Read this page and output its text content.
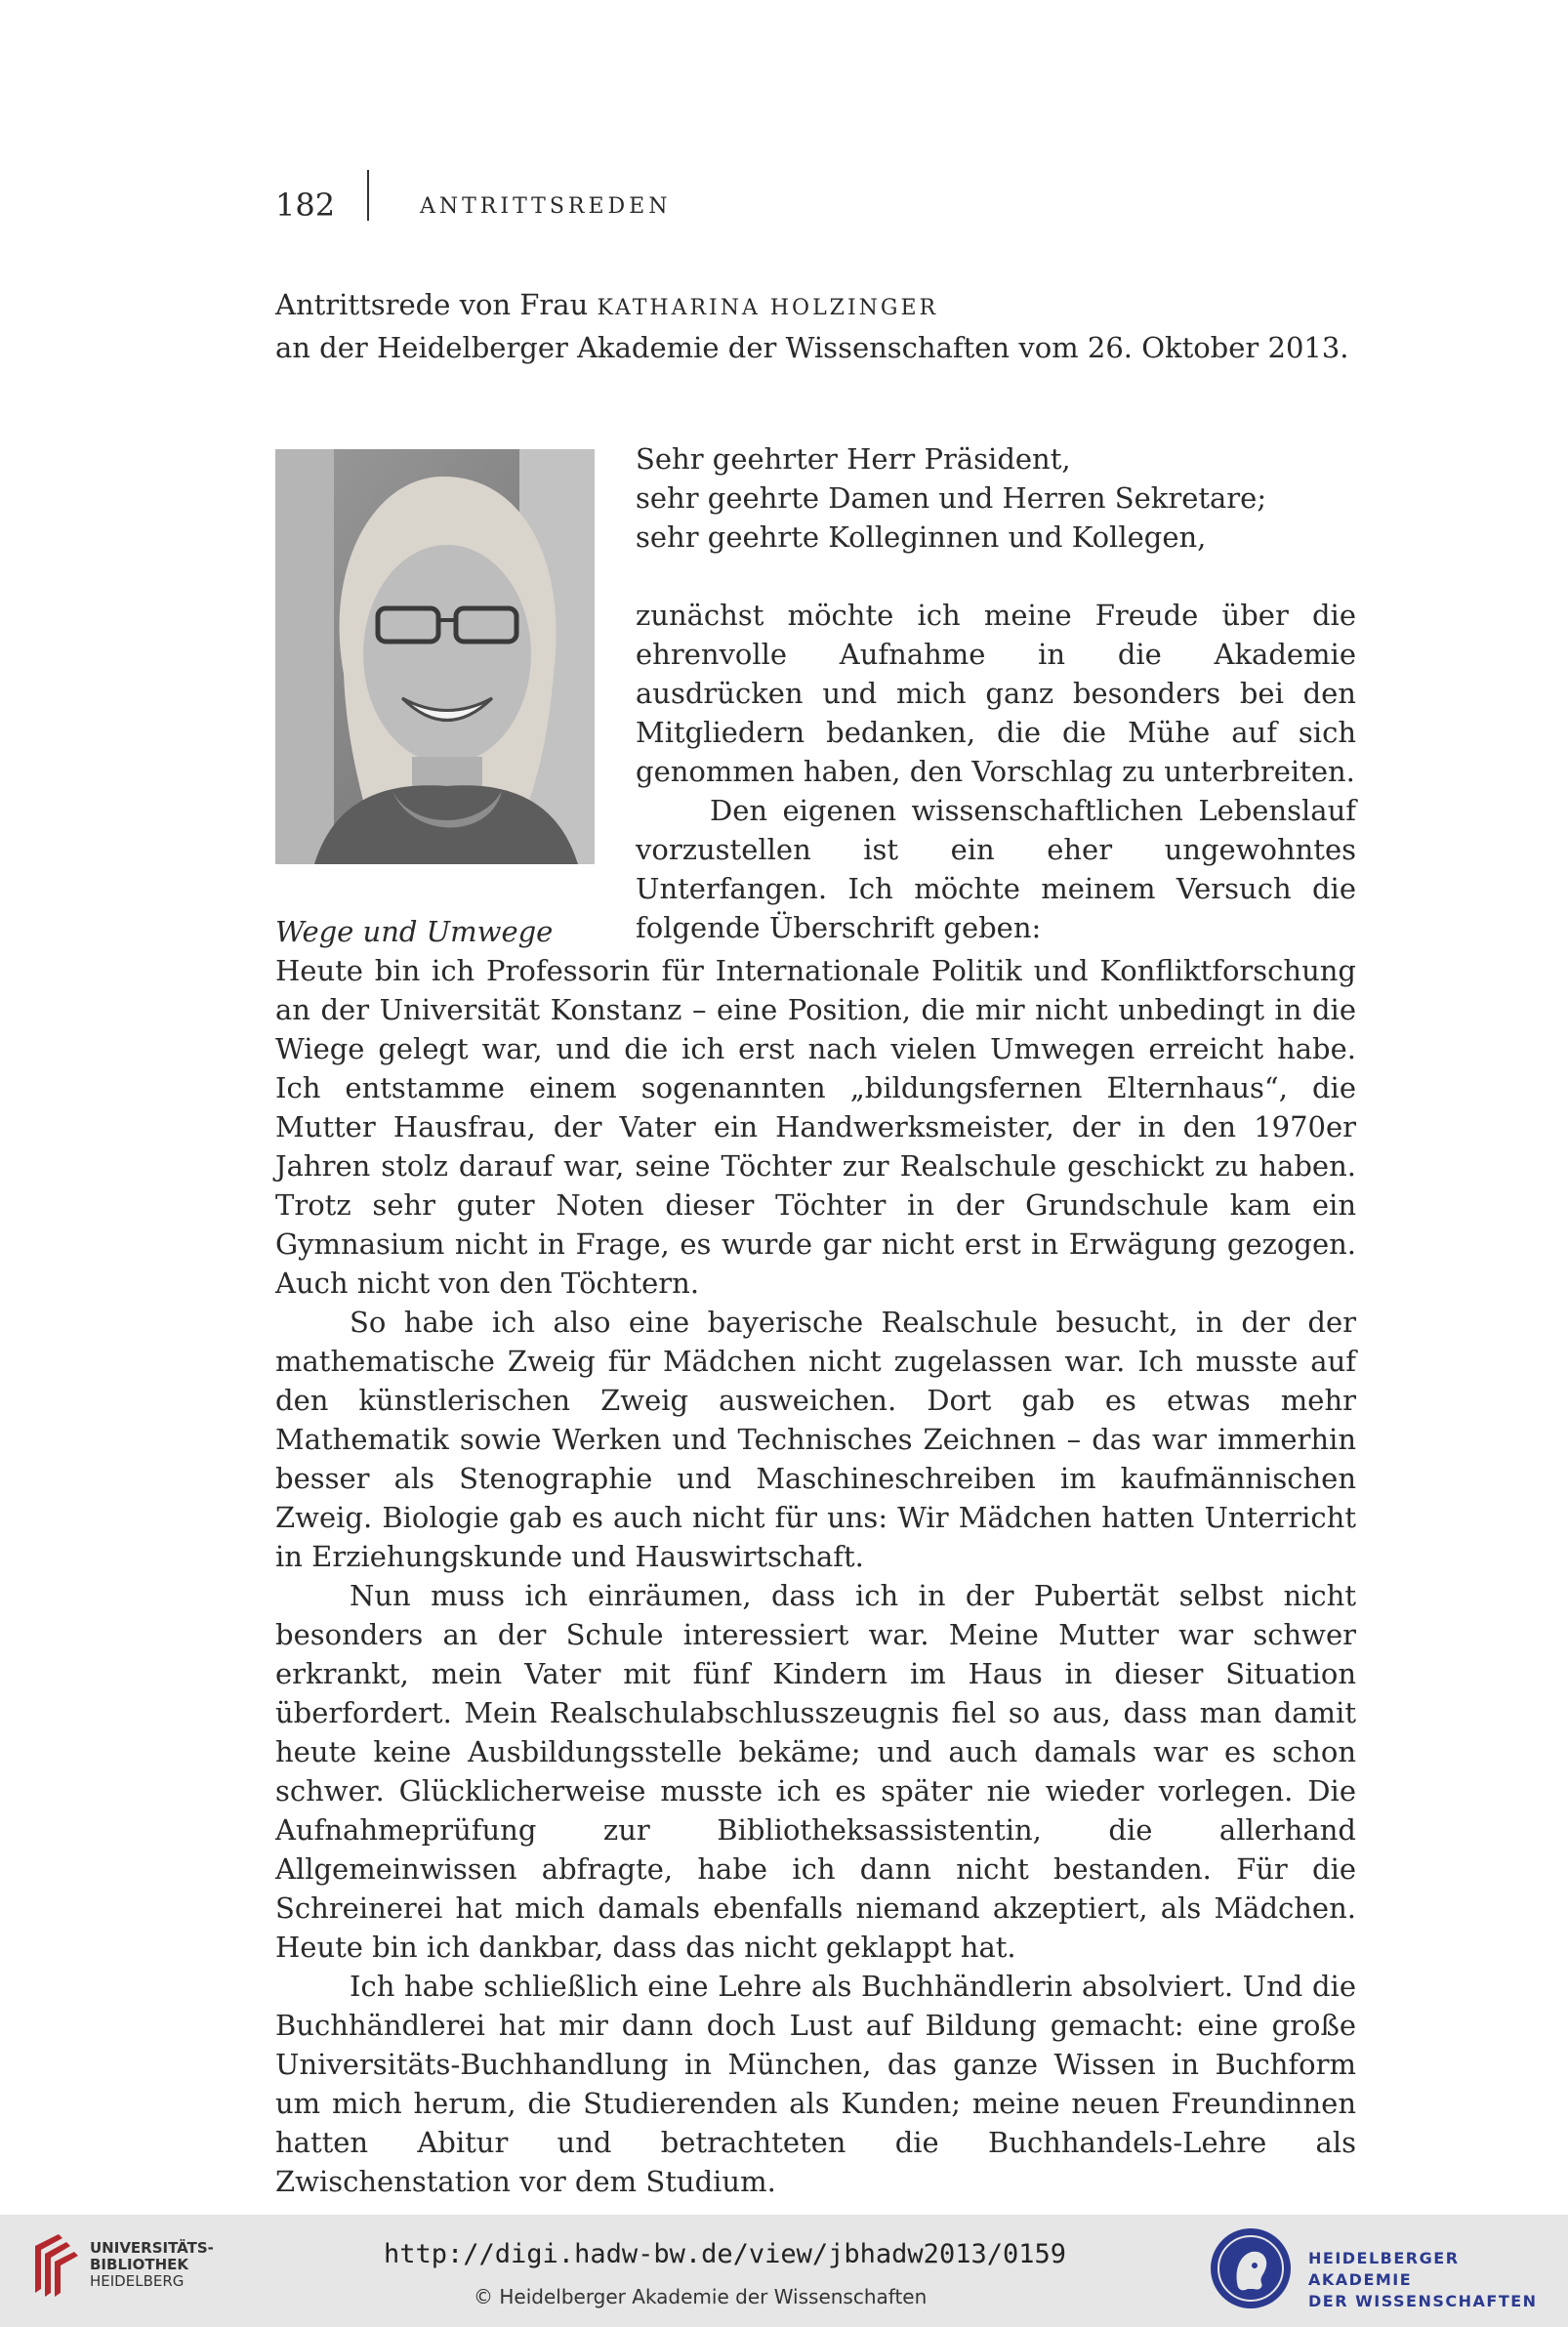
182	ANTRITTSREDEN
Antrittsrede von Frau KATHARINA HOLZINGER
an der Heidelberger Akademie der Wissenschaften vom 26. Oktober 2013.
Sehr geehrter Herr Präsident,
sehr geehrte Damen und Herren Sekretare;
sehr geehrte Kolleginnen und Kollegen,

zunächst möchte ich meine Freude über die ehrenvolle Aufnahme in die Akademie ausdrücken und mich ganz besonders bei den Mitgliedern bedanken, die die Mühe auf sich genommen haben, den Vorschlag zu unterbreiten.

Den eigenen wissenschaftlichen Lebenslauf vorzustellen ist ein eher ungewohntes Unterfangen. Ich möchte meinem Versuch die folgende Überschrift geben:

Wege und Umwege

Heute bin ich Professorin für Internationale Politik und Konfliktforschung an der Universität Konstanz – eine Position, die mir nicht unbedingt in die Wiege gelegt war, und die ich erst nach vielen Umwegen erreicht habe. Ich entstamme einem sogenannten „bildungsfernen Elternhaus“, die Mutter Hausfrau, der Vater ein Handwerksmeister, der in den 1970er Jahren stolz darauf war, seine Töchter zur Realschule geschickt zu haben. Trotz sehr guter Noten dieser Töchter in der Grundschule kam ein Gymnasium nicht in Frage, es wurde gar nicht erst in Erwägung gezogen. Auch nicht von den Töchtern.

So habe ich also eine bayerische Realschule besucht, in der der mathematische Zweig für Mädchen nicht zugelassen war. Ich musste auf den künstlerischen Zweig ausweichen. Dort gab es etwas mehr Mathematik sowie Werken und Technisches Zeichnen – das war immerhin besser als Stenographie und Maschineschreiben im kaufmännischen Zweig. Biologie gab es auch nicht für uns: Wir Mädchen hatten Unterricht in Erziehungskunde und Hauswirtschaft.

Nun muss ich einräumen, dass ich in der Pubertät selbst nicht besonders an der Schule interessiert war. Meine Mutter war schwer erkrankt, mein Vater mit fünf Kindern im Haus in dieser Situation überfordert. Mein Realschulabschlusszeugnis fiel so aus, dass man damit heute keine Ausbildungsstelle bekäme; und auch damals war es schon schwer. Glücklicherweise musste ich es später nie wieder vorlegen. Die Aufnahmeprüfung zur Bibliotheksassistentin, die allerhand Allgemeinwissen abfragte, habe ich dann nicht bestanden. Für die Schreinerei hat mich damals ebenfalls niemand akzeptiert, als Mädchen. Heute bin ich dankbar, dass das nicht geklappt hat.

Ich habe schließlich eine Lehre als Buchhändlerin absolviert. Und die Buchhändlerei hat mir dann doch Lust auf Bildung gemacht: eine große Universitäts-Buchhandlung in München, das ganze Wissen in Buchform um mich herum, die Studierenden als Kunden; meine neuen Freundinnen hatten Abitur und betrachteten die Buchhandels-Lehre als Zwischenstation vor dem Studium.

UNIVERSITÄTS-
BIBLIOTHEK
HEIDELBERG
http://digi.hadw-bw.de/view/jbhadw2013/0159
© Heidelberger Akademie der Wissenschaften
HEIDELBERGER AKADEMIE
DER WISSENSCHAFTEN
